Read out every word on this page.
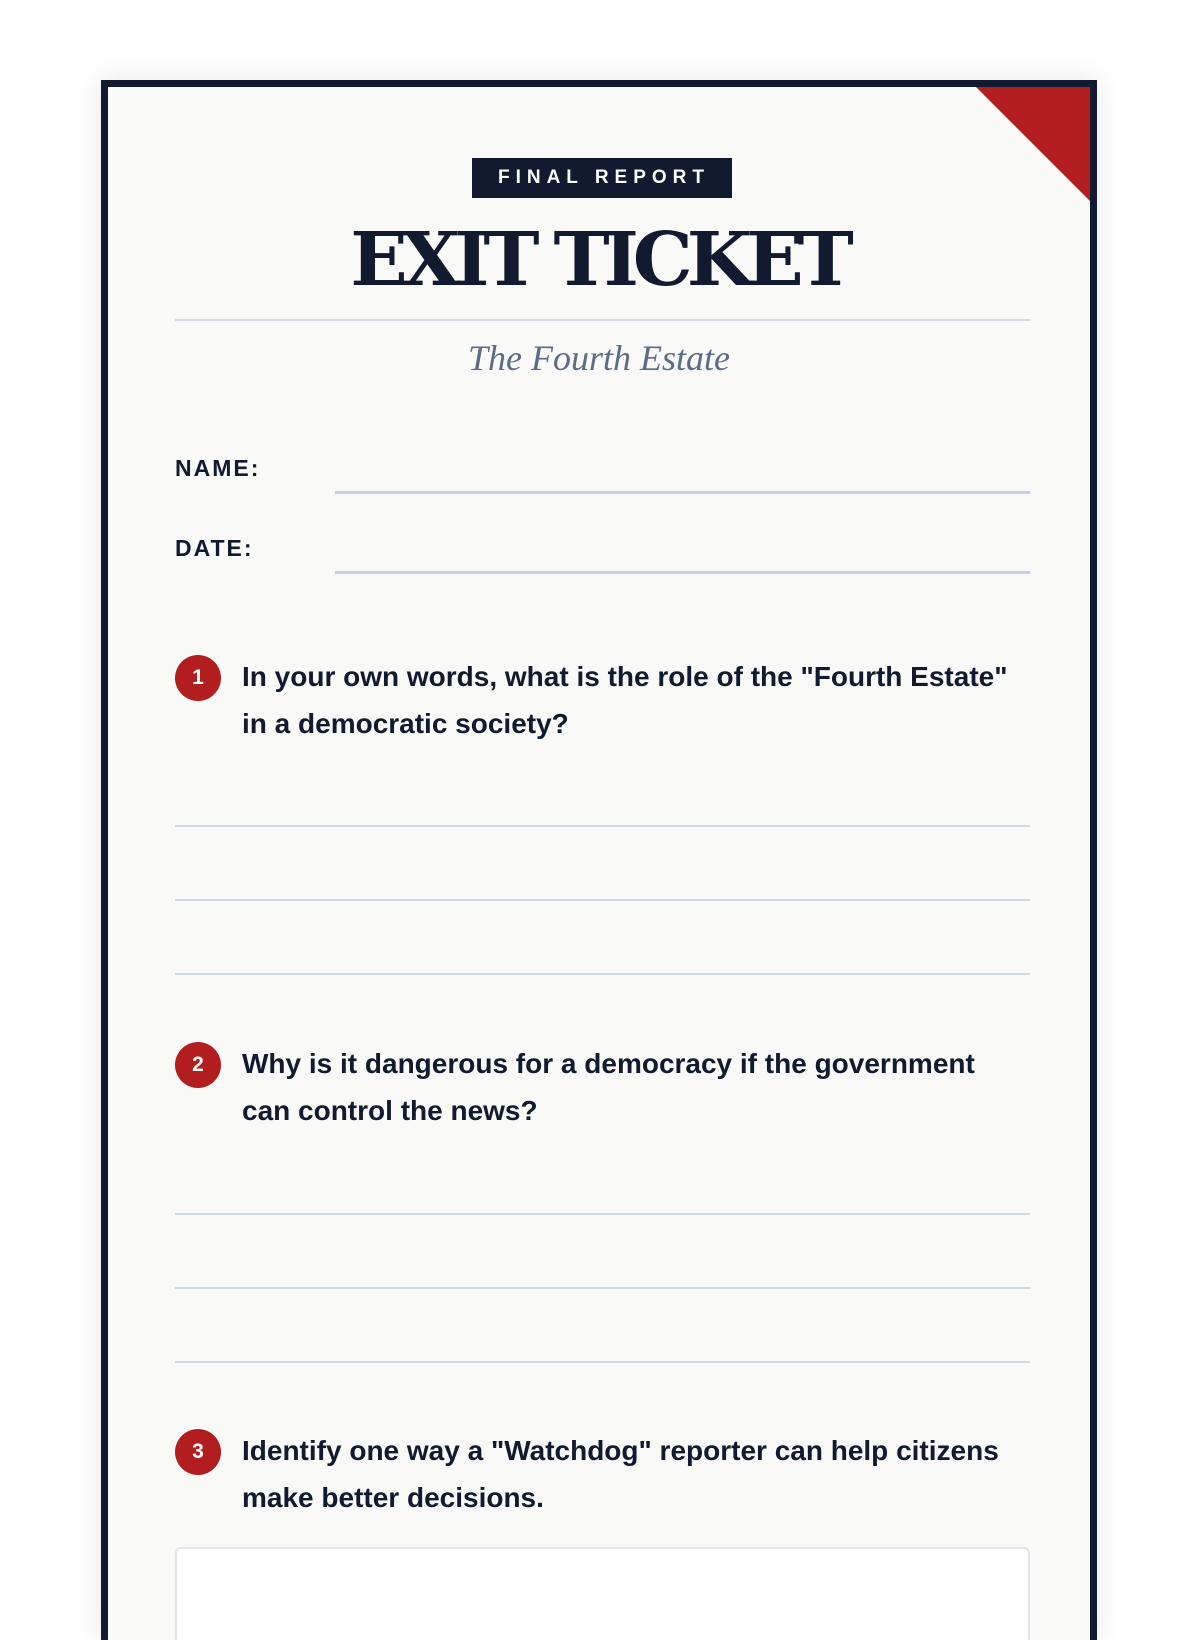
FINAL REPORT
EXIT TICKET
The Fourth Estate
NAME:
DATE:
1	In your own words, what is the role of the "Fourth Estate" in a democratic society?
2	Why is it dangerous for a democracy if the government can control the news?
3	Identify one way a "Watchdog" reporter can help citizens make better decisions.
